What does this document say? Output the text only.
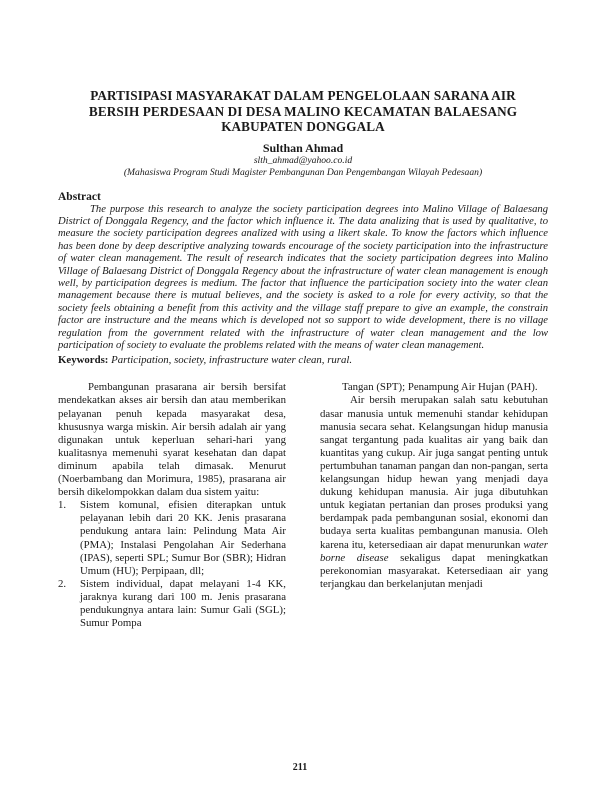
PARTISIPASI MASYARAKAT DALAM PENGELOLAAN SARANA AIR
BERSIH PERDESAAN DI DESA MALINO KECAMATAN BALAESANG
KABUPATEN DONGGALA
Sulthan Ahmad
slth_ahmad@yahoo.co.id
(Mahasiswa Program Studi Magister Pembangunan Dan Pengembangan Wilayah Pedesaan)
Abstract

The purpose this research to analyze the society participation degrees into Malino Village of Balaesang District of Donggala Regency, and the factor which influence it. The data analizing that is used by qualitative, to measure the society participation degrees analized with using a likert skale. To know the factors which influence has been done by deep descriptive analyzing towards encourage of the society participation into the infrastructure of water clean management. The result of research indicates that the society participation degrees into Malino Village of Balaesang District of Donggala Regency about the infrastructure of water clean management is enough well, by participation degrees is medium. The factor that influence the participation society into the water clean management because there is mutual believes, and the society is asked to a role for every activity, so that the society feels obtaining a benefit from this activity and the village staff prepare to give an example, the constrain factor are instructure and the means which is developed not so support to wide development, there is no village regulation from the government related with the infrastructure of water clean management and the low participation of society to evaluate the problems related with the means of water clean management.

Keywords: Participation, society, infrastructure water clean, rural.

Pembangunan prasarana air bersih bersifat mendekatkan akses air bersih dan atau memberikan pelayanan penuh kepada masyarakat desa, khususnya warga miskin. Air bersih adalah air yang digunakan untuk keperluan sehari-hari yang kualitasnya memenuhi syarat kesehatan dan dapat diminum apabila telah dimasak. Menurut (Noerbambang dan Morimura, 1985), prasarana air bersih dikelompokkan dalam dua sistem yaitu:

1. Sistem komunal, efisien diterapkan untuk pelayanan lebih dari 20 KK. Jenis prasarana pendukung antara lain: Pelindung Mata Air (PMA); Instalasi Pengolahan Air Sederhana (IPAS), seperti SPL; Sumur Bor (SBR); Hidran Umum (HU); Perpipaan, dll;
2. Sistem individual, dapat melayani 1-4 KK, jaraknya kurang dari 100 m. Jenis prasarana pendukungnya antara lain: Sumur Gali (SGL); Sumur Pompa

Tangan (SPT); Penampung Air Hujan (PAH).

Air bersih merupakan salah satu kebutuhan dasar manusia untuk memenuhi standar kehidupan manusia secara sehat. Kelangsungan hidup manusia sangat tergantung pada kualitas air yang baik dan kuantitas yang cukup. Air juga sangat penting untuk pertumbuhan tanaman pangan dan non-pangan, serta kelangsungan hidup hewan yang menjadi daya dukung kehidupan manusia. Air juga dibutuhkan untuk kegiatan pertanian dan proses produksi yang berdampak pada pembangunan sosial, ekonomi dan budaya serta kualitas pembangunan manusia. Oleh karena itu, ketersediaan air dapat menurunkan water borne disease sekaligus dapat meningkatkan perekonomian masyarakat. Ketersediaan air yang terjangkau dan berkelanjutan menjadi

211
